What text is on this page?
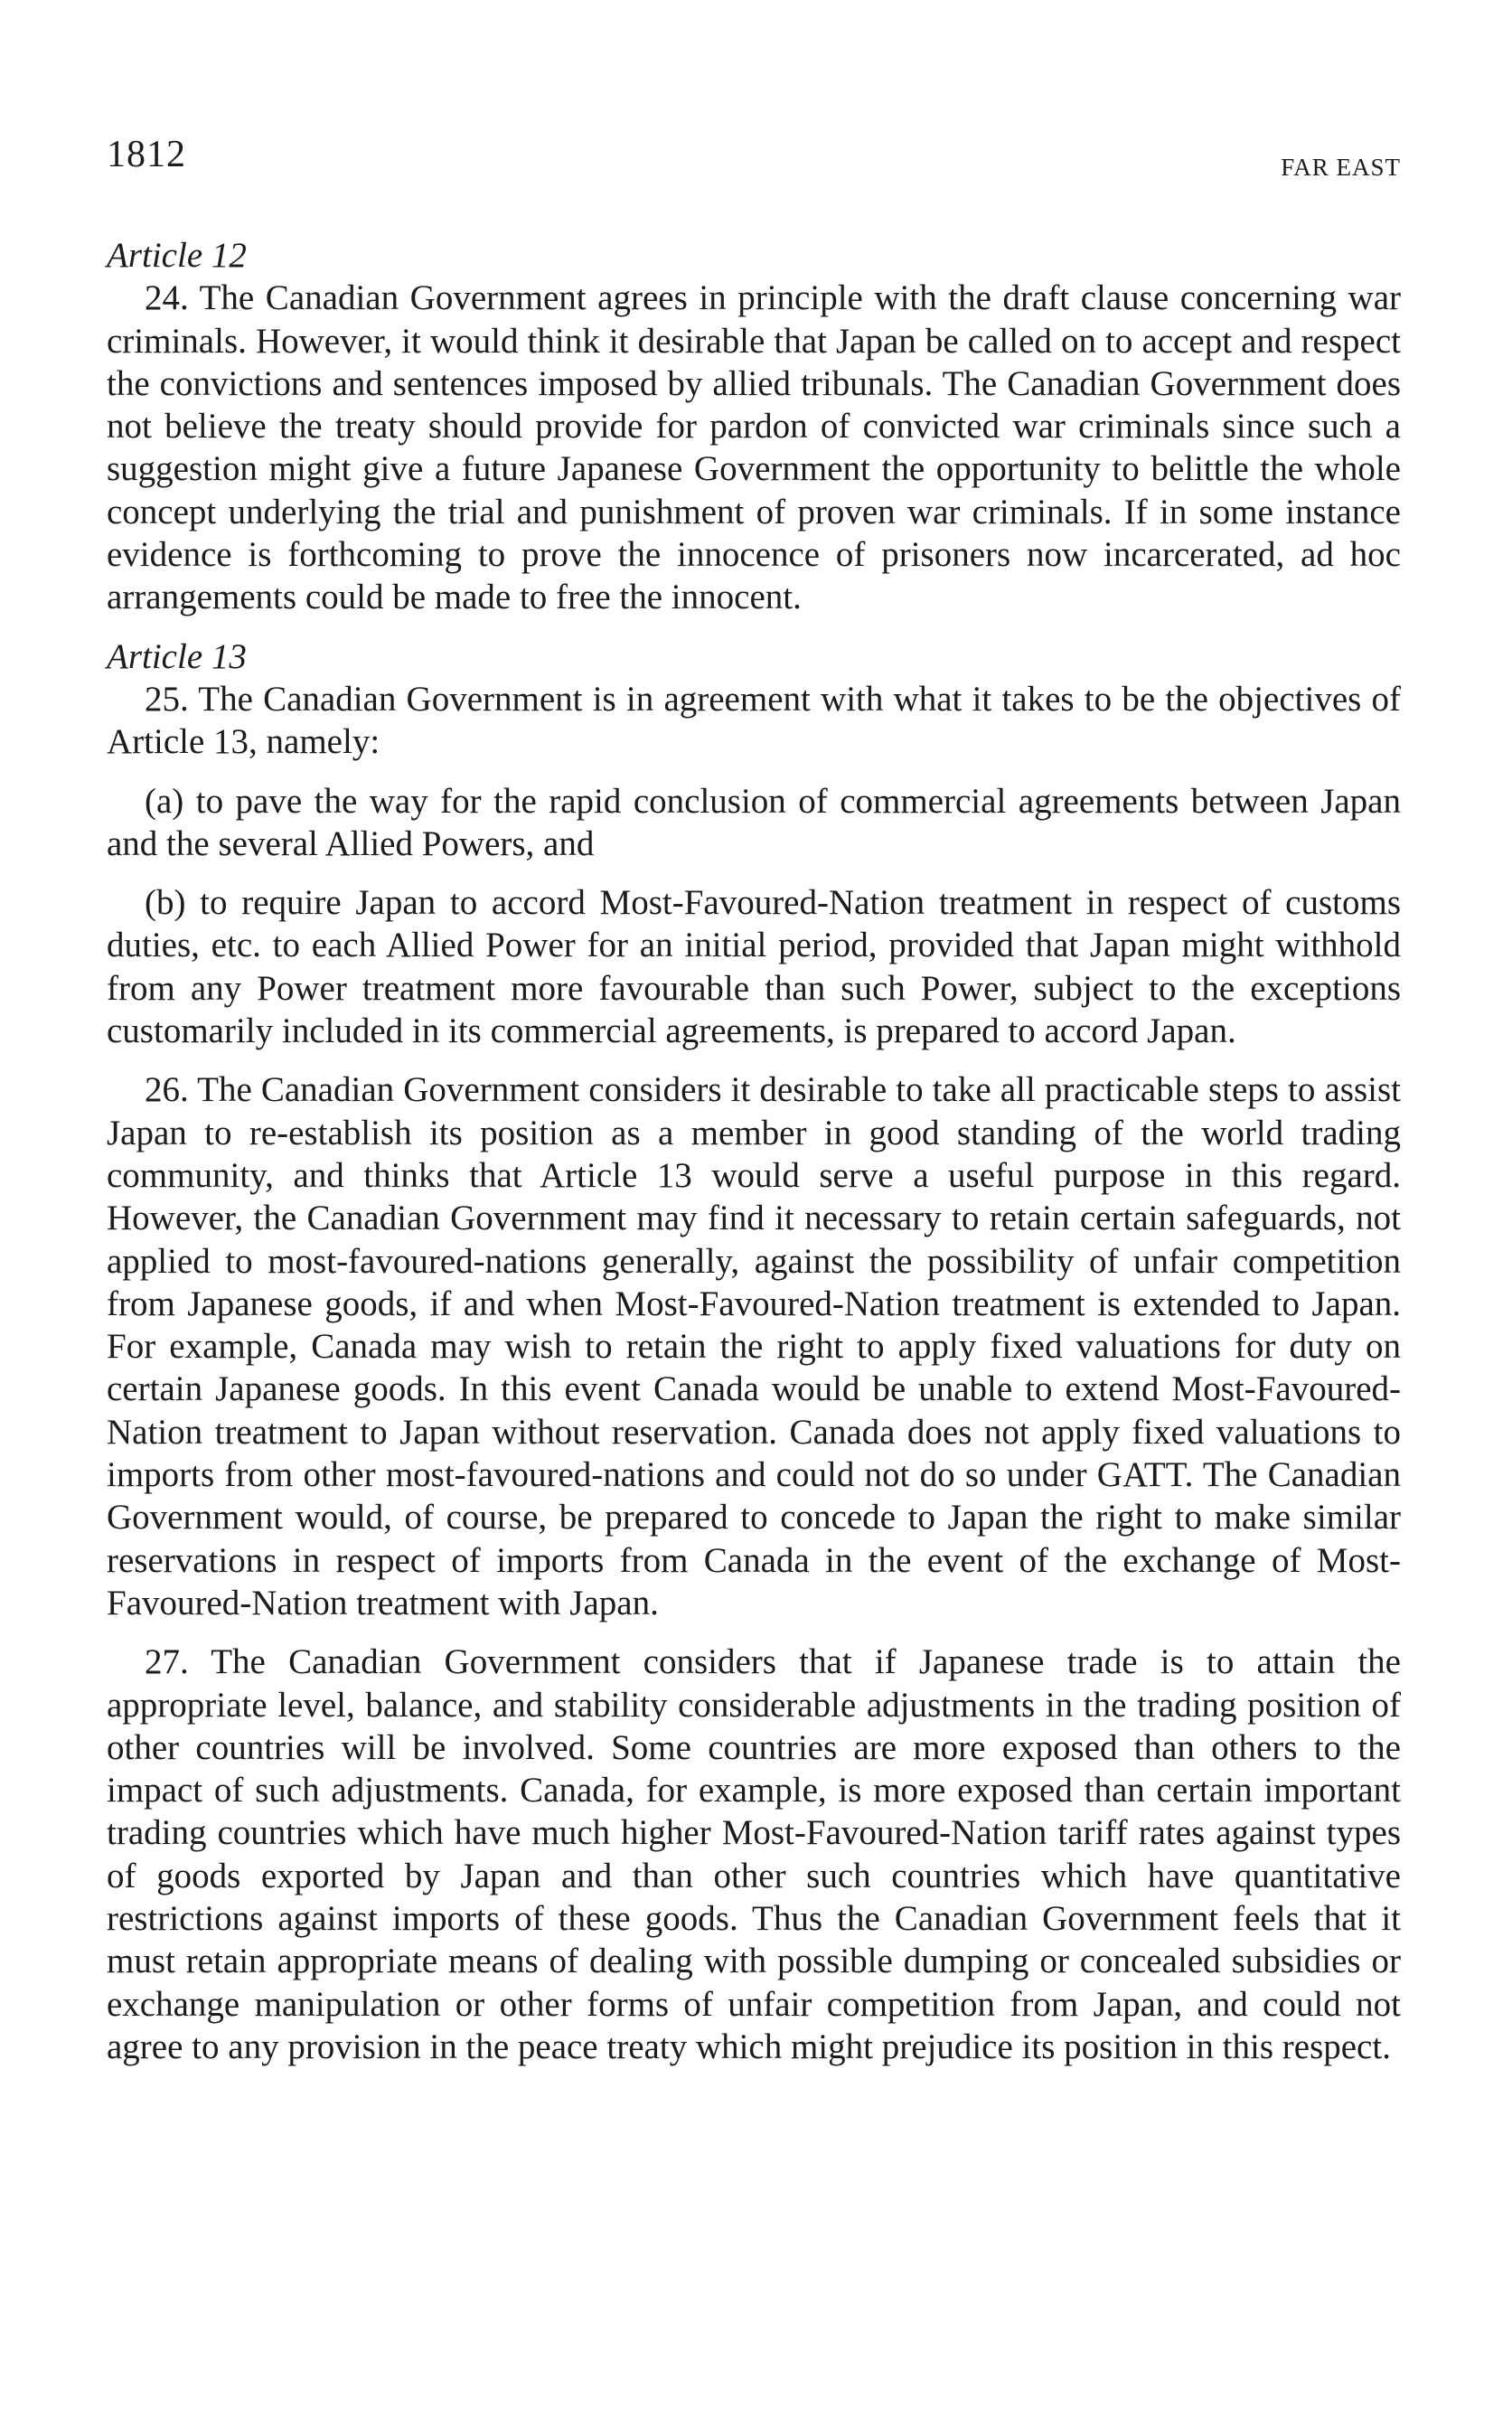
1812	FAR EAST

Article 12

24. The Canadian Government agrees in principle with the draft clause concerning war criminals. However, it would think it desirable that Japan be called on to accept and respect the convictions and sentences imposed by allied tribunals. The Canadian Government does not believe the treaty should provide for pardon of convicted war criminals since such a suggestion might give a future Japanese Government the opportunity to belittle the whole concept underlying the trial and punishment of proven war criminals. If in some instance evidence is forthcoming to prove the innocence of prisoners now incarcerated, ad hoc arrangements could be made to free the innocent.

Article 13

25. The Canadian Government is in agreement with what it takes to be the objectives of Article 13, namely:

(a) to pave the way for the rapid conclusion of commercial agreements between Japan and the several Allied Powers, and

(b) to require Japan to accord Most-Favoured-Nation treatment in respect of customs duties, etc. to each Allied Power for an initial period, provided that Japan might withhold from any Power treatment more favourable than such Power, subject to the exceptions customarily included in its commercial agreements, is prepared to accord Japan.

26. The Canadian Government considers it desirable to take all practicable steps to assist Japan to re-establish its position as a member in good standing of the world trading community, and thinks that Article 13 would serve a useful purpose in this regard. However, the Canadian Government may find it necessary to retain certain safeguards, not applied to most-favoured-nations generally, against the possibility of unfair competition from Japanese goods, if and when Most-Favoured-Nation treatment is extended to Japan. For example, Canada may wish to retain the right to apply fixed valuations for duty on certain Japanese goods. In this event Canada would be unable to extend Most-Favoured-Nation treatment to Japan without reservation. Canada does not apply fixed valuations to imports from other most-favoured-nations and could not do so under GATT. The Canadian Government would, of course, be prepared to concede to Japan the right to make similar reservations in respect of imports from Canada in the event of the exchange of Most-Favoured-Nation treatment with Japan.

27. The Canadian Government considers that if Japanese trade is to attain the appropriate level, balance, and stability considerable adjustments in the trading position of other countries will be involved. Some countries are more exposed than others to the impact of such adjustments. Canada, for example, is more exposed than certain important trading countries which have much higher Most-Favoured-Nation tariff rates against types of goods exported by Japan and than other such countries which have quantitative restrictions against imports of these goods. Thus the Canadian Government feels that it must retain appropriate means of dealing with possible dumping or concealed subsidies or exchange manipulation or other forms of unfair competition from Japan, and could not agree to any provision in the peace treaty which might prejudice its position in this respect.
